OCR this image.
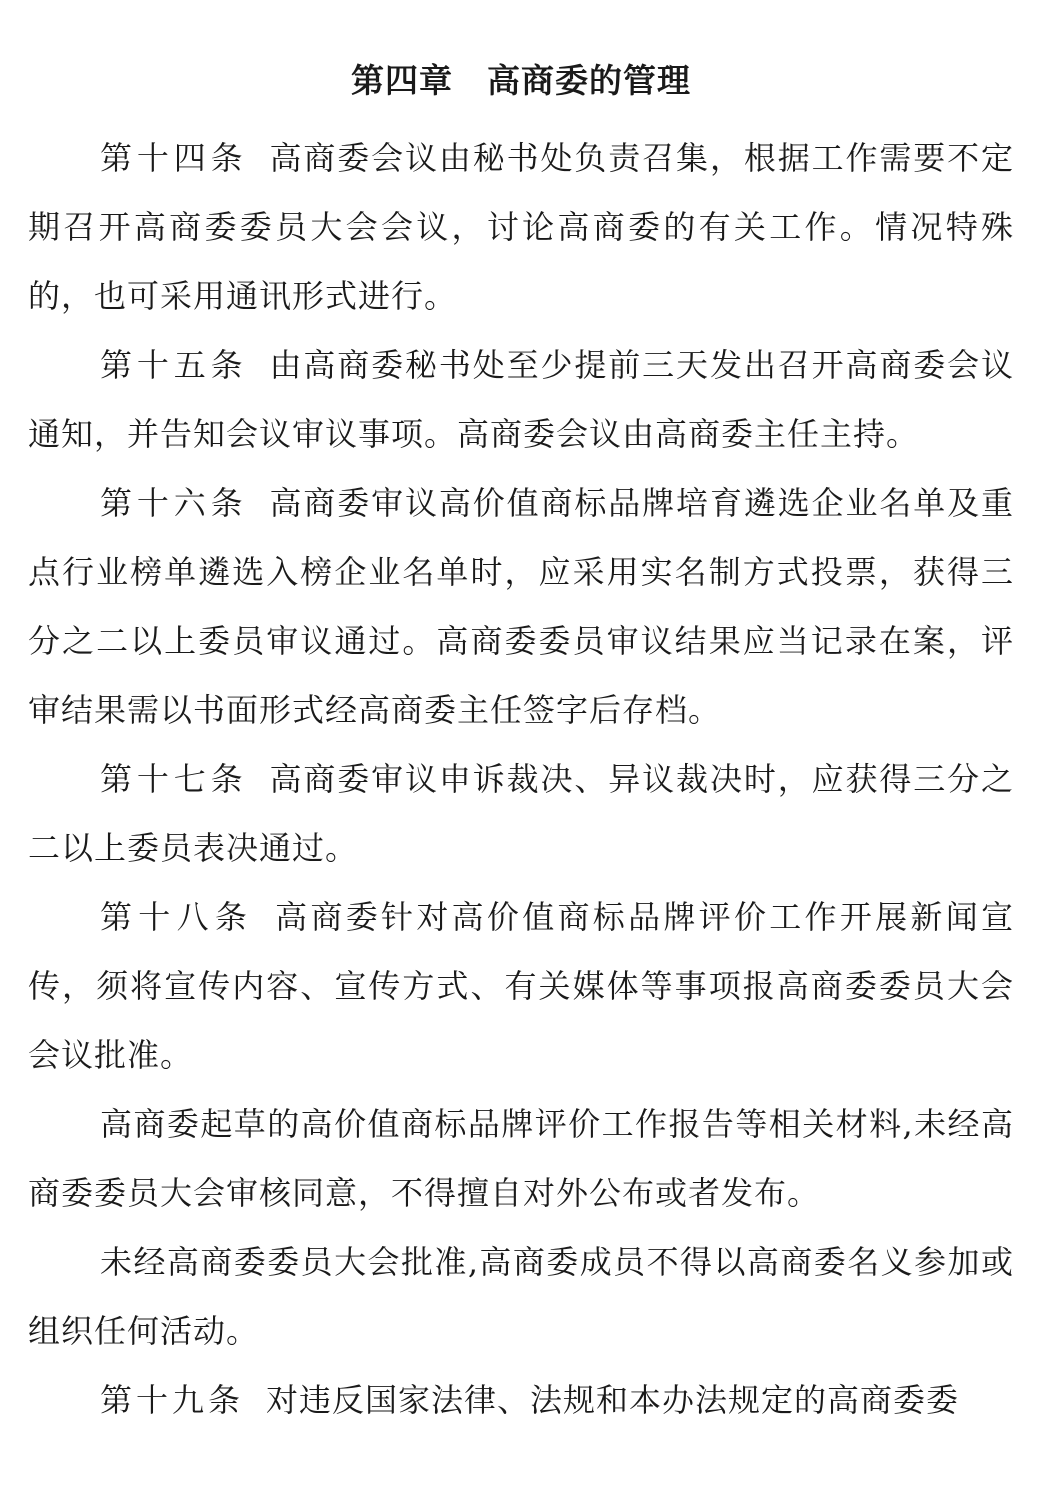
第四章　高商委的管理

第十四条 高商委会议由秘书处负责召集，根据工作需要不定期召开高商委委员大会会议，讨论高商委的有关工作。情况特殊的，也可采用通讯形式进行。

第十五条 由高商委秘书处至少提前三天发出召开高商委会议通知，并告知会议审议事项。高商委会议由高商委主任主持。

第十六条 高商委审议高价值商标品牌培育遴选企业名单及重点行业榜单遴选入榜企业名单时，应采用实名制方式投票，获得三分之二以上委员审议通过。高商委委员审议结果应当记录在案，评审结果需以书面形式经高商委主任签字后存档。

第十七条 高商委审议申诉裁决、异议裁决时，应获得三分之二以上委员表决通过。

第十八条 高商委针对高价值商标品牌评价工作开展新闻宣传，须将宣传内容、宣传方式、有关媒体等事项报高商委委员大会会议批准。

高商委起草的高价值商标品牌评价工作报告等相关材料,未经高商委委员大会审核同意，不得擅自对外公布或者发布。

未经高商委委员大会批准,高商委成员不得以高商委名义参加或组织任何活动。

第十九条 对违反国家法律、法规和本办法规定的高商委委
